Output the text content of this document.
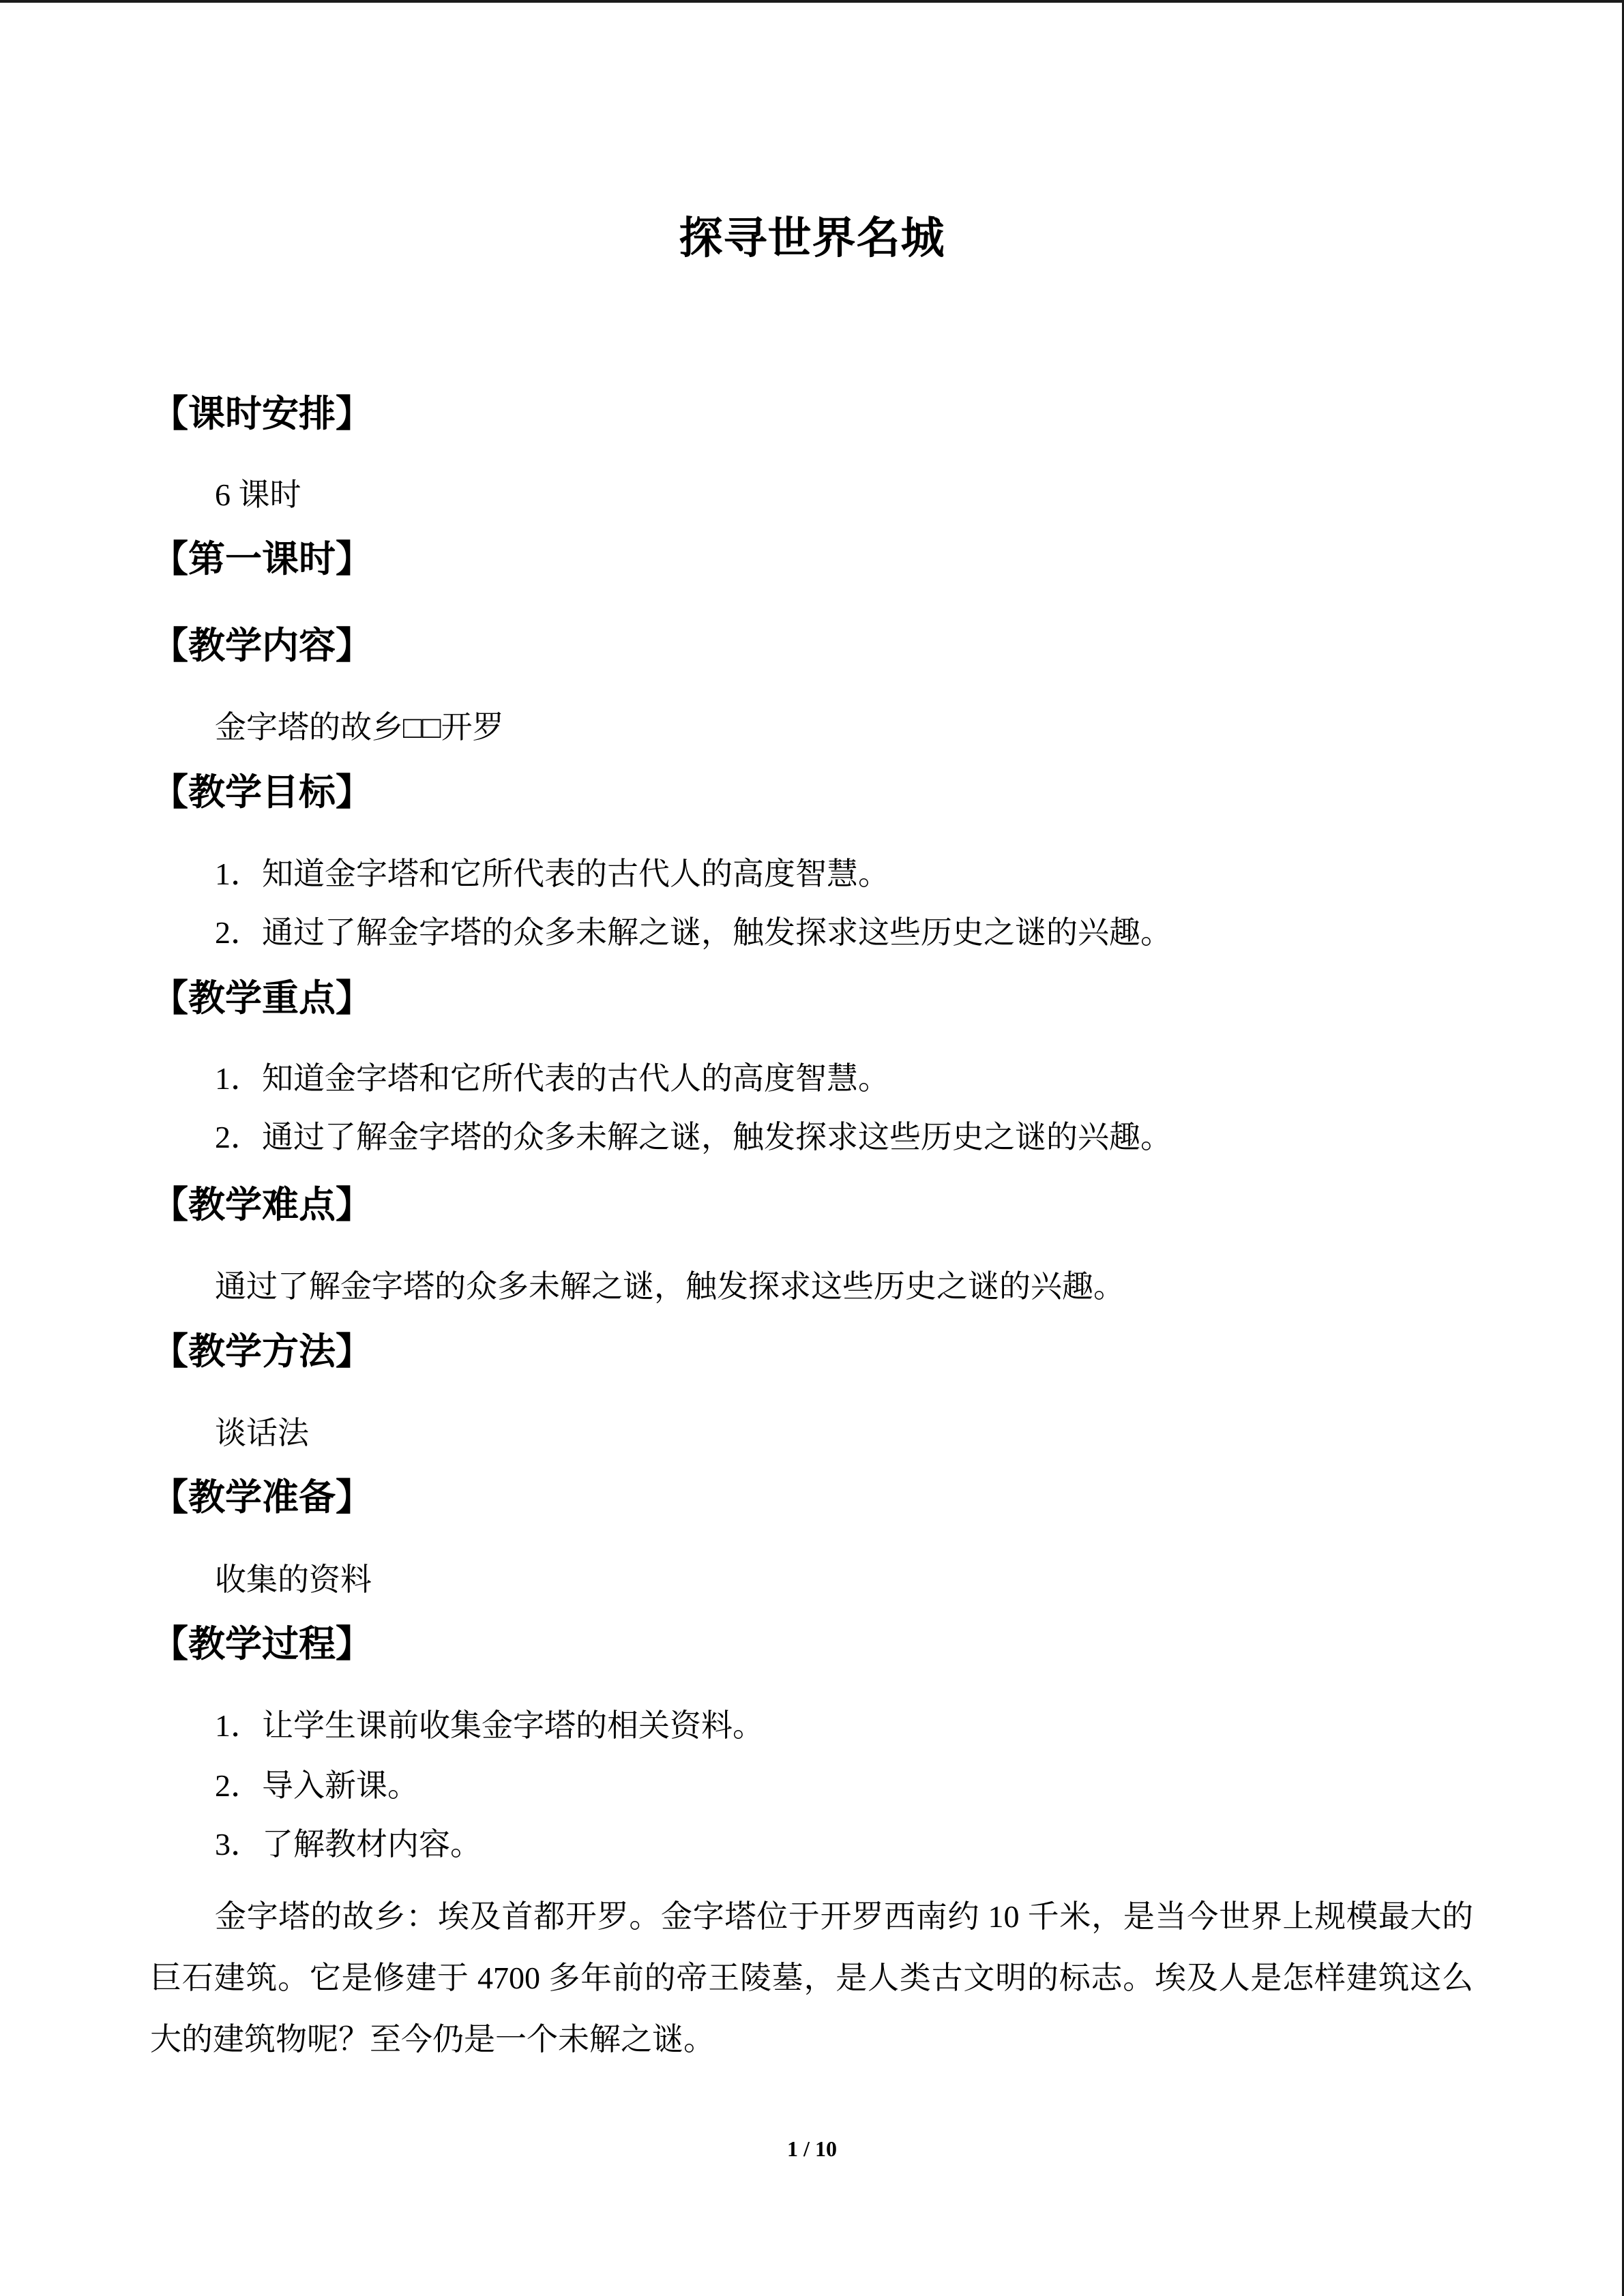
探寻世界名城
【课时安排】
6 课时
【第一课时】
【教学内容】
金字塔的故乡□□开罗
【教学目标】
1．知道金字塔和它所代表的古代人的高度智慧。
2．通过了解金字塔的众多未解之谜，触发探求这些历史之谜的兴趣。
【教学重点】
1．知道金字塔和它所代表的古代人的高度智慧。
2．通过了解金字塔的众多未解之谜，触发探求这些历史之谜的兴趣。
【教学难点】
通过了解金字塔的众多未解之谜，触发探求这些历史之谜的兴趣。
【教学方法】
谈话法
【教学准备】
收集的资料
【教学过程】
1．让学生课前收集金字塔的相关资料。
2．导入新课。
3．了解教材内容。
金字塔的故乡：埃及首都开罗。金字塔位于开罗西南约 10 千米，是当今世界上规模最大的巨石建筑。它是修建于 4700 多年前的帝王陵墓，是人类古文明的标志。埃及人是怎样建筑这么大的建筑物呢？至今仍是一个未解之谜。
1 / 10
